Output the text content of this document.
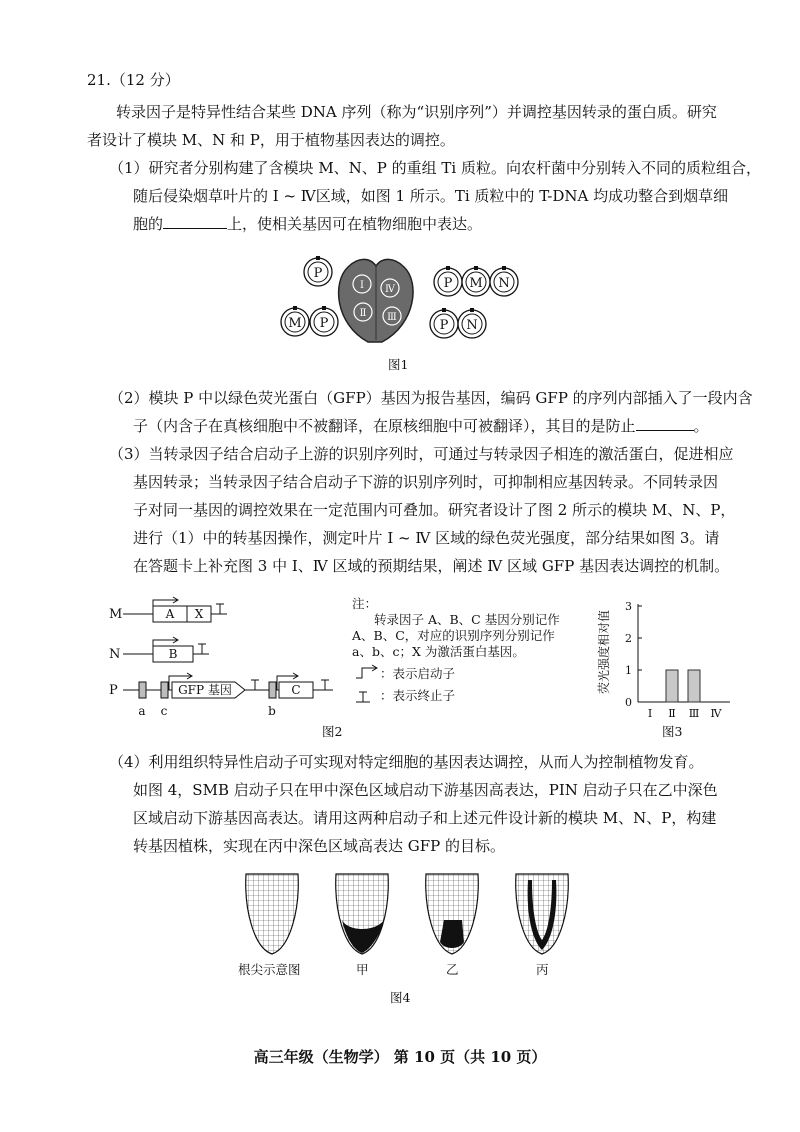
21.（12 分）
转录因子是特异性结合某些 DNA 序列（称为“识别序列”）并调控基因转录的蛋白质。研究
者设计了模块 M、N 和 P，用于植物基因表达的调控。
（1）研究者分别构建了含模块 M、N、P 的重组 Ti 质粒。向农杆菌中分别转入不同的质粒组合，
随后侵染烟草叶片的 Ⅰ ~ Ⅳ区域，如图 1 所示。Ti 质粒中的 T-DNA 均成功整合到烟草细
胞的	上，使相关基因可在植物细胞中表达。
Ⅰ
Ⅱ Ⅲ
Ⅳ
P
M P
P M N
P N
图1
（2）模块 P 中以绿色荧光蛋白（GFP）基因为报告基因，编码 GFP 的序列内部插入了一段内含
子（内含子在真核细胞中不被翻译，在原核细胞中可被翻译），其目的是防止	。
（3）当转录因子结合启动子上游的识别序列时，可通过与转录因子相连的激活蛋白，促进相应
基因转录；当转录因子结合启动子下游的识别序列时，可抑制相应基因转录。不同转录因
子对同一基因的调控效果在一定范围内可叠加。研究者设计了图 2 所示的模块 M、N、P，
进行（1）中的转基因操作，测定叶片 Ⅰ ~ Ⅳ 区域的绿色荧光强度，部分结果如图 3。请
在答题卡上补充图 3 中 Ⅰ、Ⅳ 区域的预期结果，阐述 Ⅳ 区域 GFP 基因表达调控的机制。
M	A X
N	B
P	GFP 基因	C
a c	b
注：
转录因子 A、B、C 基因分别记作
A、B、C，对应的识别序列分别记作
a、b、c；X 为激活蛋白基因。
：表示启动子
：表示终止子
图2
荧光强度相对值
0
1
2
3
Ⅰ Ⅱ Ⅲ Ⅳ
图3
（4）利用组织特异性启动子可实现对特定细胞的基因表达调控，从而人为控制植物发育。
如图 4，SMB 启动子只在甲中深色区域启动下游基因高表达，PIN 启动子只在乙中深色
区域启动下游基因高表达。请用这两种启动子和上述元件设计新的模块 M、N、P，构建
转基因植株，实现在丙中深色区域高表达 GFP 的目标。
根尖示意图	甲	乙	丙
图4
高三年级（生物学） 第 10 页（共 10 页）
